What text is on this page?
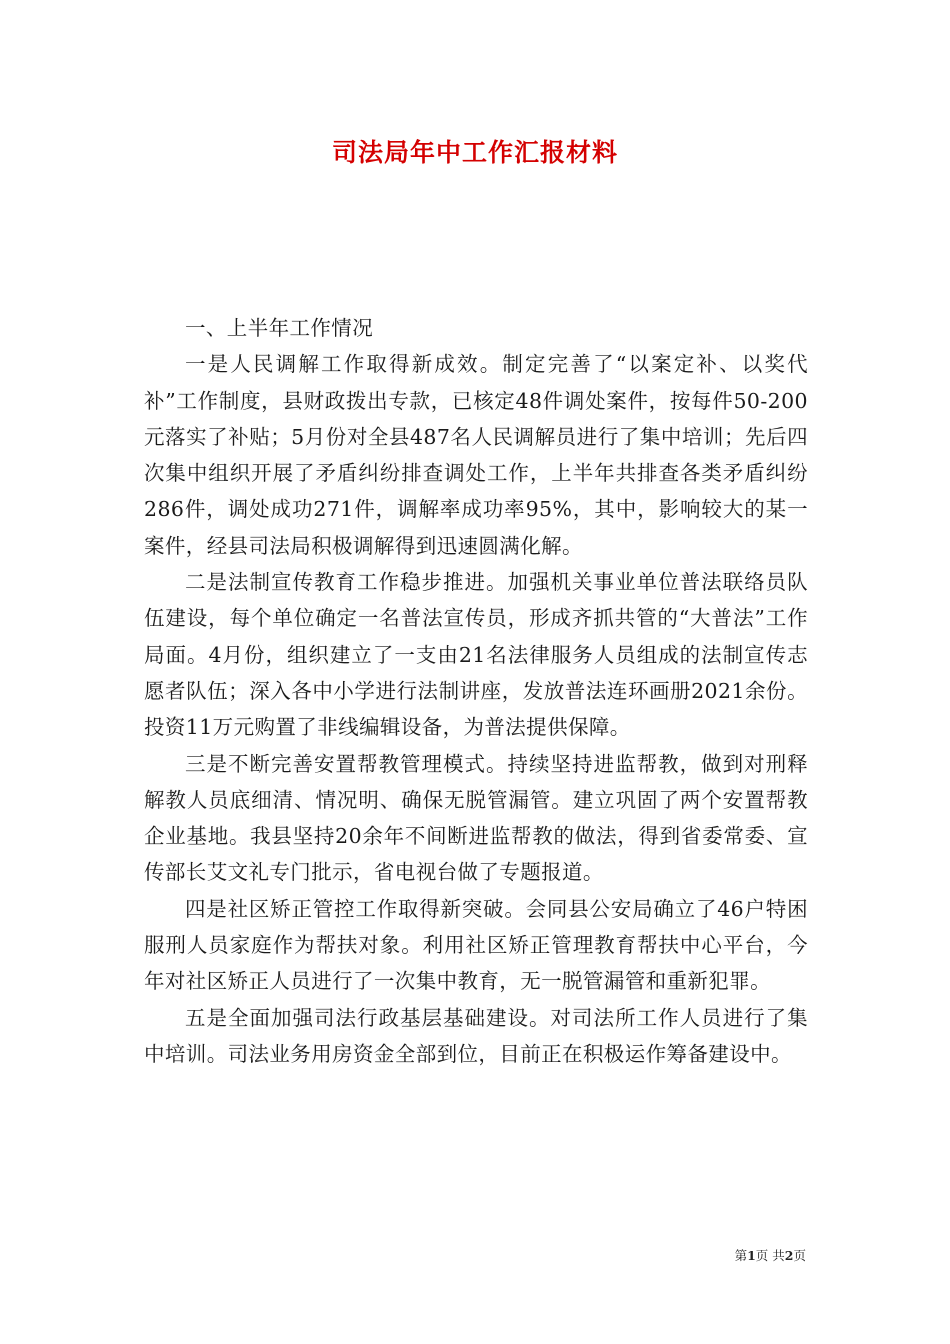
司法局年中工作汇报材料

一、上半年工作情况

一是人民调解工作取得新成效。制定完善了“以案定补、以奖代补”工作制度，县财政拨出专款，已核定48件调处案件，按每件50-200元落实了补贴；5月份对全县487名人民调解员进行了集中培训；先后四次集中组织开展了矛盾纠纷排查调处工作，上半年共排查各类矛盾纠纷286件，调处成功271件，调解率成功率95%，其中，影响较大的某一案件，经县司法局积极调解得到迅速圆满化解。

二是法制宣传教育工作稳步推进。加强机关事业单位普法联络员队伍建设，每个单位确定一名普法宣传员，形成齐抓共管的“大普法”工作局面。4月份，组织建立了一支由21名法律服务人员组成的法制宣传志愿者队伍；深入各中小学进行法制讲座，发放普法连环画册2021余份。投资11万元购置了非线编辑设备，为普法提供保障。

三是不断完善安置帮教管理模式。持续坚持进监帮教，做到对刑释解教人员底细清、情况明、确保无脱管漏管。建立巩固了两个安置帮教企业基地。我县坚持20余年不间断进监帮教的做法，得到省委常委、宣传部长艾文礼专门批示，省电视台做了专题报道。

四是社区矫正管控工作取得新突破。会同县公安局确立了46户特困服刑人员家庭作为帮扶对象。利用社区矫正管理教育帮扶中心平台，今年对社区矫正人员进行了一次集中教育，无一脱管漏管和重新犯罪。

五是全面加强司法行政基层基础建设。对司法所工作人员进行了集中培训。司法业务用房资金全部到位，目前正在积极运作筹备建设中。

第1页 共2页
